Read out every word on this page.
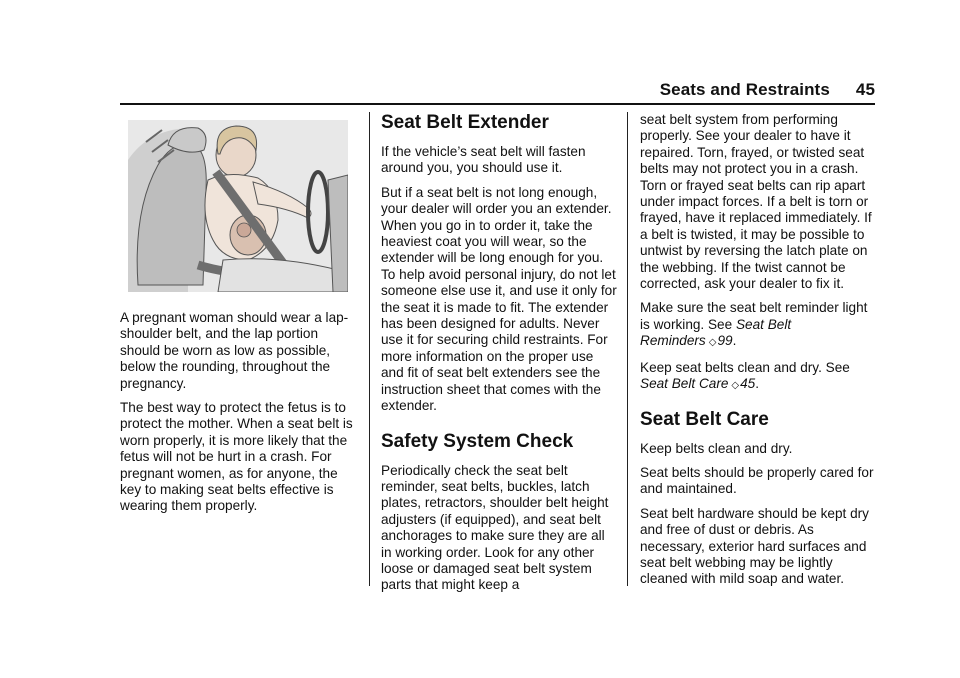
Seats and Restraints 45

A pregnant woman should wear a lap-shoulder belt, and the lap portion should be worn as low as possible, below the rounding, throughout the pregnancy.

The best way to protect the fetus is to protect the mother. When a seat belt is worn properly, it is more likely that the fetus will not be hurt in a crash. For pregnant women, as for anyone, the key to making seat belts effective is wearing them properly.

Seat Belt Extender

If the vehicle’s seat belt will fasten around you, you should use it.

But if a seat belt is not long enough, your dealer will order you an extender. When you go in to order it, take the heaviest coat you will wear, so the extender will be long enough for you. To help avoid personal injury, do not let someone else use it, and use it only for the seat it is made to fit. The extender has been designed for adults. Never use it for securing child restraints. For more information on the proper use and fit of seat belt extenders see the instruction sheet that comes with the extender.

Safety System Check

Periodically check the seat belt reminder, seat belts, buckles, latch plates, retractors, shoulder belt height adjusters (if equipped), and seat belt anchorages to make sure they are all in working order. Look for any other loose or damaged seat belt system parts that might keep a

seat belt system from performing properly. See your dealer to have it repaired. Torn, frayed, or twisted seat belts may not protect you in a crash. Torn or frayed seat belts can rip apart under impact forces. If a belt is torn or frayed, have it replaced immediately. If a belt is twisted, it may be possible to untwist by reversing the latch plate on the webbing. If the twist cannot be corrected, ask your dealer to fix it.

Make sure the seat belt reminder light is working. See Seat Belt Reminders ◇99.

Keep seat belts clean and dry. See Seat Belt Care ◇45.

Seat Belt Care

Keep belts clean and dry.

Seat belts should be properly cared for and maintained.

Seat belt hardware should be kept dry and free of dust or debris. As necessary, exterior hard surfaces and seat belt webbing may be lightly cleaned with mild soap and water.
